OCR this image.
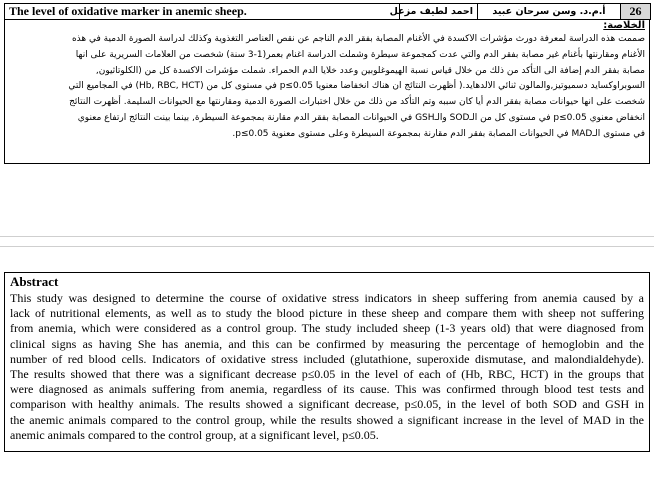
The level of oxidative marker in anemic sheep.	احمد لطيف مزعل	أ.م.د. وسن سرحان عبيد	26
الخلاصة:
صممت هذه الدراسة لمعرفة دورث مؤشرات الاكسدة في الأغنام المصابة بفقر الدم الناجم عن نقص العناصر التغذوية وكذلك لدراسة الصورة الدمية في هذه
الأغنام ومقارنتها بأغنام غير مصابة بفقر الدم والتي عدت كمجموعة سيطرة وشملت الدراسة اغنام بعمر(1-3 سنة) شخصت من العلامات السريرية على انها
مصابة بفقر الدم إضافة الى التأكد من ذلك من خلال قياس نسبة الهيموغلوبين وعدد خلايا الدم الحمراء. شملت مؤشرات الاكسدة كل من (الكلوتاثيون,
السوبراوكسايد دسميوتيز,والمالون ثنائي الالدهايد.( أظهرت النتائج ان هناك انخفاضا معنويا p≤0.05 في مستوى كل من (Hb, RBC, HCT) في المجاميع التي
شخصت على انها حيوانات مصابة بفقر الدم أيا كان سببه وتم التأكد من ذلك من خلال اختبارات الصورة الدمية ومقارنتها مع الحيوانات السليمة. أظهرت النتائج
انخفاض معنوي p≤0.05 في مستوى كل من الـSOD والـGSH في الحيوانات المصابة بفقر الدم مقارنة بمجموعة السيطرة, بينما بينت النتائج ارتفاع معنوي
في مستوى الـMAD في الحيوانات المصابة بفقر الدم مقارنة بمجموعة السيطرة وعلى مستوى معنوية p≤0.05.
Abstract
This study was designed to determine the course of oxidative stress indicators in sheep suffering from anemia caused by a
lack of nutritional elements, as well as to study the blood picture in these sheep and compare them with sheep not suffering
from anemia, which were considered as a control group. The study included sheep (1-3 years old) that were diagnosed from
clinical signs as having She has anemia, and this can be confirmed by measuring the percentage of hemoglobin and the
number of red blood cells. Indicators of oxidative stress included (glutathione, superoxide dismutase, and malondialdehyde).
The results showed that there was a significant decrease p≤0.05 in the level of each of (Hb, RBC, HCT) in the groups that
were diagnosed as animals suffering from anemia, regardless of its cause. This was confirmed through blood test tests and
comparison with healthy animals. The results showed a significant decrease, p≤0.05, in the level of both SOD and GSH in
the anemic animals compared to the control group, while the results showed a significant increase in the level of MAD in the
anemic animals compared to the control group, at a significant level, p≤0.05.
